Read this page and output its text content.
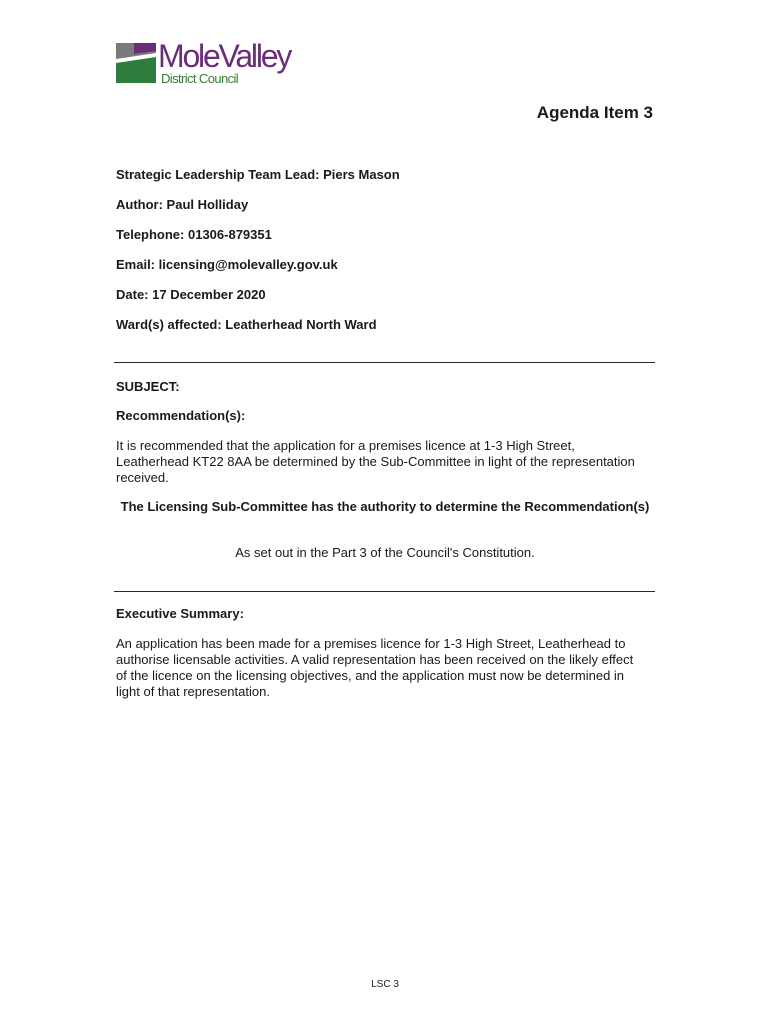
MoleValley
District Council
Agenda Item 3
Strategic Leadership Team Lead: Piers Mason
Author: Paul Holliday
Telephone: 01306-879351
Email: licensing@molevalley.gov.uk
Date: 17 December 2020
Ward(s) affected: Leatherhead North Ward
SUBJECT:
Recommendation(s):
It is recommended that the application for a premises licence at 1-3 High Street, Leatherhead KT22 8AA be determined by the Sub-Committee in light of the representation received.
The Licensing Sub-Committee has the authority to determine the Recommendation(s)
As set out in the Part 3 of the Council's Constitution.
Executive Summary:
An application has been made for a premises licence for 1-3 High Street, Leatherhead to authorise licensable activities. A valid representation has been received on the likely effect of the licence on the licensing objectives, and the application must now be determined in light of that representation.
LSC 3
